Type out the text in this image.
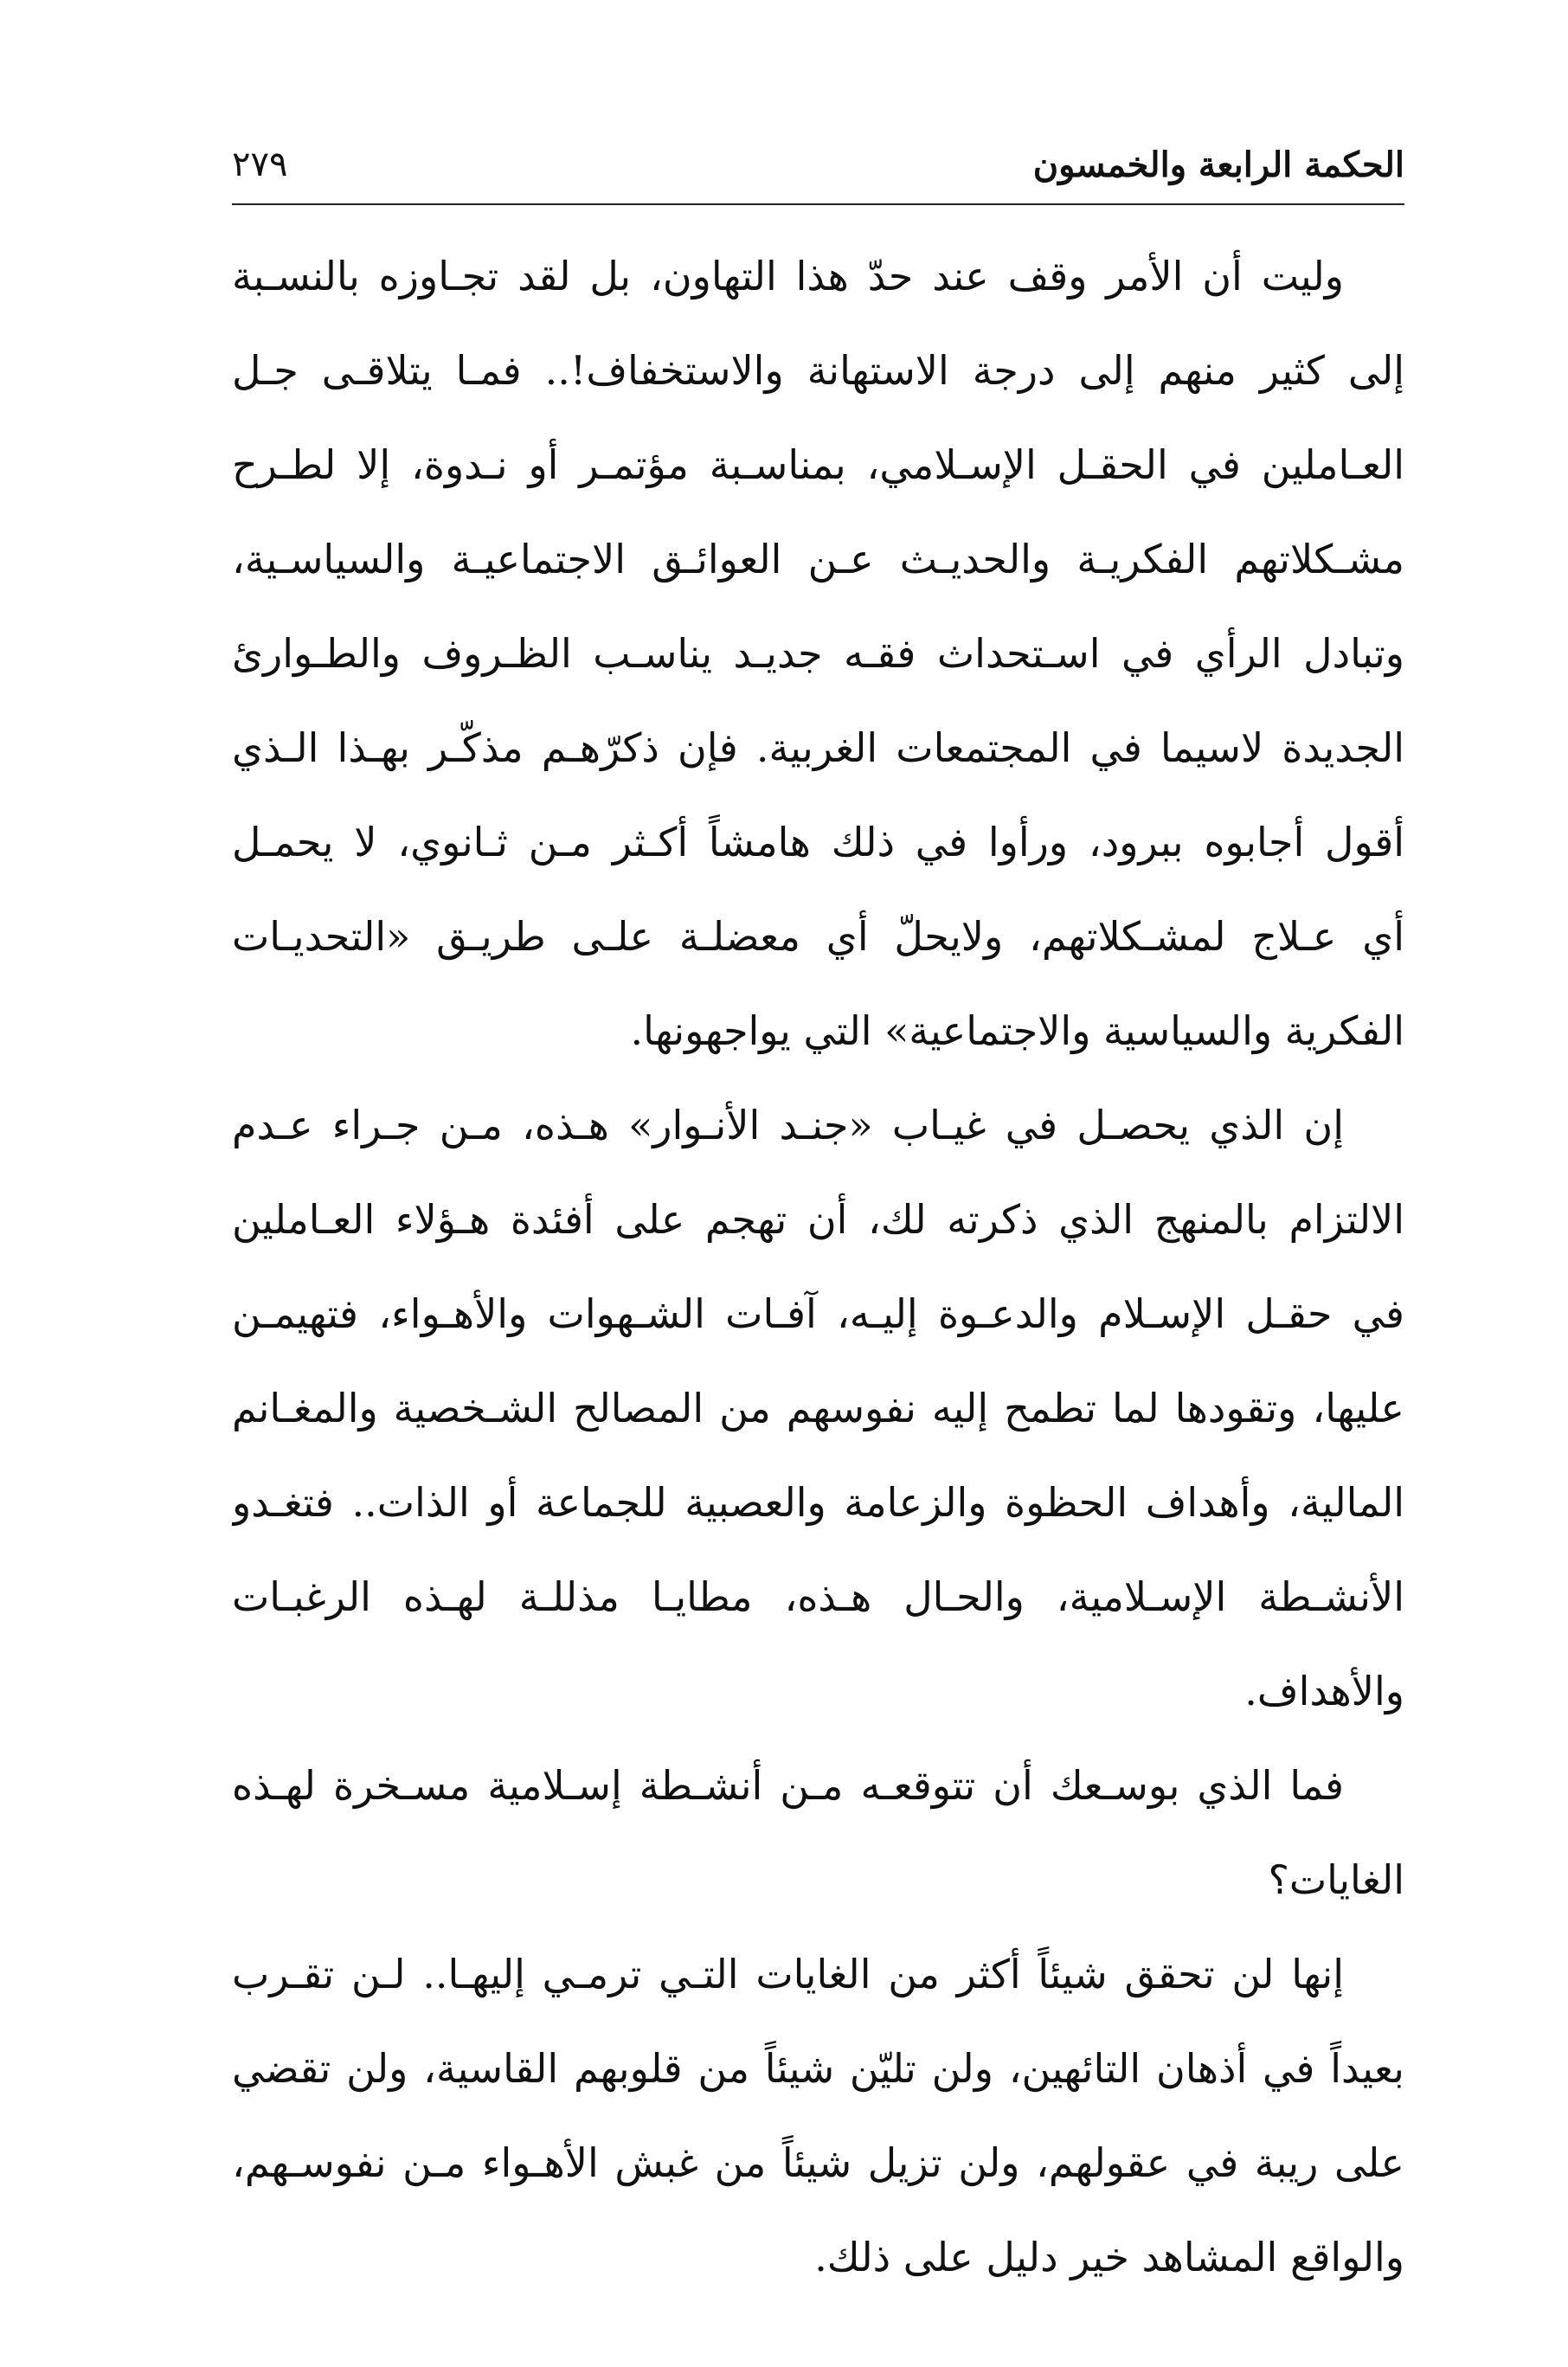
الحكمة الرابعة والخمسون
٢٧٩
وليت أن الأمر وقف عند حدّ هذا التهاون، بل لقد تجـاوزه بالنسـبة
إلى كثير منهم إلى درجة الاستهانة والاستخفاف!.. فمـا يتلاقـى جـل
العـاملين في الحقـل الإسـلامي، بمناسـبة مؤتمـر أو نـدوة، إلا لطـرح
مشـكلاتهم الفكريـة والحديـث عـن العوائـق الاجتماعيـة والسياسـية،
وتبادل الرأي في اسـتحداث فقـه جديـد يناسـب الظـروف والطـوارئ
الجديدة لاسيما في المجتمعات الغربية. فإن ذكرّهـم مذكّـر بهـذا الـذي
أقول أجابوه ببرود، ورأوا في ذلك هامشاً أكـثر مـن ثـانوي، لا يحمـل
أي عـلاج لمشـكلاتهم، ولايحلّ أي معضلـة علـى طريـق «التحديـات
الفكرية والسياسية والاجتماعية» التي يواجهونها.
إن الذي يحصـل في غيـاب «جنـد الأنـوار» هـذه، مـن جـراء عـدم
الالتزام بالمنهج الذي ذكرته لك، أن تهجم على أفئدة هـؤلاء العـاملين
في حقـل الإسـلام والدعـوة إليـه، آفـات الشـهوات والأهـواء، فتهيمـن
عليها، وتقودها لما تطمح إليه نفوسهم من المصالح الشـخصية والمغـانم
المالية، وأهداف الحظوة والزعامة والعصبية للجماعة أو الذات.. فتغـدو
الأنشـطة الإسـلامية، والحـال هـذه، مطايـا مذللـة لهـذه الرغبـات
والأهداف.
فما الذي بوسـعك أن تتوقعـه مـن أنشـطة إسـلامية مسـخرة لهـذه
الغايات؟
إنها لن تحقق شيئاً أكثر من الغايات التـي ترمـي إليهـا.. لـن تقـرب
بعيداً في أذهان التائهين، ولن تليّن شيئاً من قلوبهم القاسية، ولن تقضي
على ريبة في عقولهم، ولن تزيل شيئاً من غبش الأهـواء مـن نفوسـهم،
والواقع المشاهد خير دليل على ذلك.
